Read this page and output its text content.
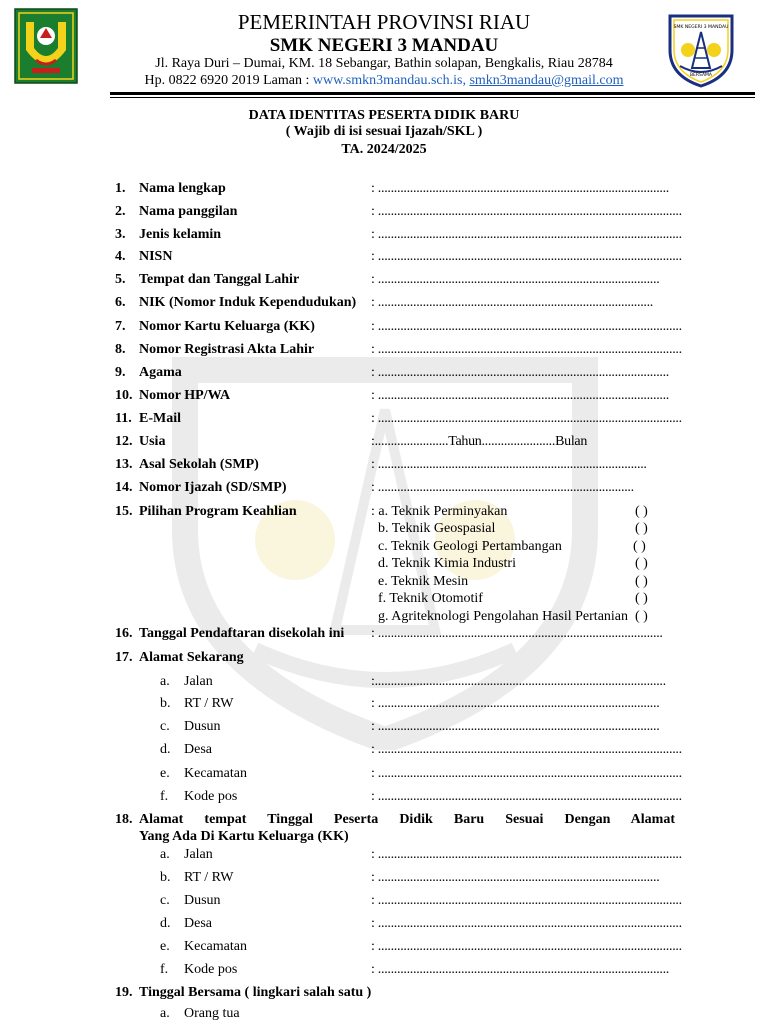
PEMERINTAH PROVINSI RIAU
SMK NEGERI 3 MANDAU
Jl. Raya Duri – Dumai, KM. 18 Sebangar, Bathin solapan, Bengkalis, Riau 28784
Hp. 0822 6920 2019 Laman : www.smkn3mandau.sch.is, smkn3mandau@gmail.com
SMK NEGERI 3 MANDAU
BERSAMA
DATA IDENTITAS PESERTA DIDIK BARU
( Wajib di isi sesuai Ijazah/SKL )
TA. 2024/2025
1. Nama lengkap	: ...........................................................................................
2. Nama panggilan	: ...............................................................................................
3. Jenis kelamin	: ...............................................................................................
4. NISN	: ...............................................................................................
5. Tempat dan Tanggal Lahir	: ........................................................................................
6. NIK (Nomor Induk Kependudukan) : ......................................................................................
7. Nomor Kartu Keluarga (KK)	: ...............................................................................................
8. Nomor Registrasi Akta Lahir	: ...............................................................................................
9. Agama	: ...........................................................................................
10. Nomor HP/WA	: ...........................................................................................
11. E-Mail	: ...............................................................................................
12. Usia	:.......................Tahun.......................Bulan
13. Asal Sekolah (SMP)	: ....................................................................................
14. Nomor Ijazah (SD/SMP)	: ................................................................................
15. Pilihan Program Keahlian	: a. Teknik Perminyakan	( )
b. Teknik Geospasial	( )
c. Teknik Geologi Pertambangan	( )
d. Teknik Kimia Industri	( )
e. Teknik Mesin	( )
f. Teknik Otomotif	( )
g. Agriteknologi Pengolahan Hasil Pertanian ( )
16. Tanggal Pendaftaran disekolah ini : .........................................................................................
17. Alamat Sekarang
a. Jalan	:...........................................................................................
b. RT / RW	: ........................................................................................
c. Dusun	: ........................................................................................
d. Desa	: ...............................................................................................
e. Kecamatan	: ...............................................................................................
f. Kode pos	: ...............................................................................................
18. Alamat tempat Tinggal Peserta Didik Baru Sesuai Dengan Alamat
Yang Ada Di Kartu Keluarga (KK)
a. Jalan	: ...............................................................................................
b. RT / RW	: ........................................................................................
c. Dusun	: ...............................................................................................
d. Desa	: ...............................................................................................
e. Kecamatan	: ...............................................................................................
f. Kode pos	: ...........................................................................................
19. Tinggal Bersama ( lingkari salah satu )
a. Orang tua
